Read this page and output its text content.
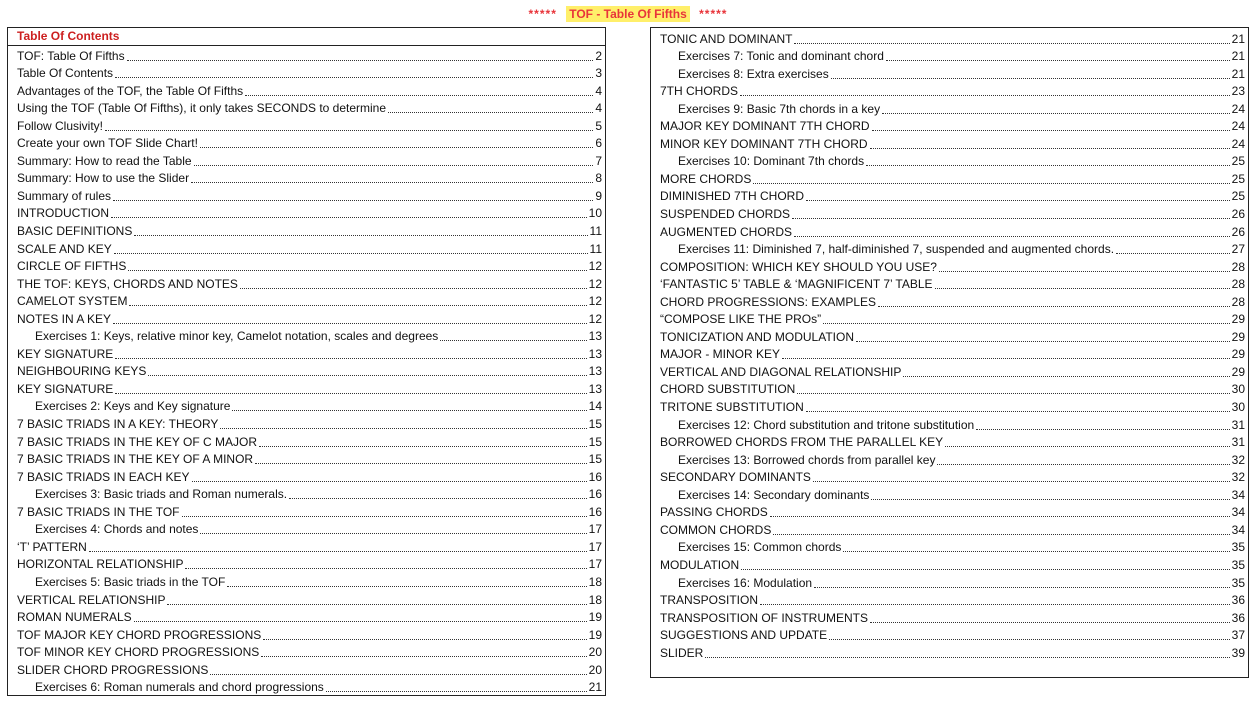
***** TOF - Table Of Fifths *****
Table Of Contents
TOF: Table Of Fifths	2
Table Of Contents	3
Advantages of the TOF, the Table Of Fifths	4
Using the TOF (Table Of Fifths), it only takes SECONDS to determine	4
Follow Clusivity!	5
Create your own TOF Slide Chart!	6
Summary: How to read the Table	7
Summary: How to use the Slider	8
Summary of rules	9
INTRODUCTION	10
BASIC DEFINITIONS	11
SCALE AND KEY	11
CIRCLE OF FIFTHS	12
THE TOF: KEYS, CHORDS AND NOTES	12
CAMELOT SYSTEM	12
NOTES IN A KEY	12
Exercises 1: Keys, relative minor key, Camelot notation, scales and degrees	13
KEY SIGNATURE	13
NEIGHBOURING KEYS	13
KEY SIGNATURE	13
Exercises 2: Keys and Key signature	14
7 BASIC TRIADS IN A KEY: THEORY	15
7 BASIC TRIADS IN THE KEY OF C MAJOR	15
7 BASIC TRIADS IN THE KEY OF A MINOR	15
7 BASIC TRIADS IN EACH KEY	16
Exercises 3: Basic triads and Roman numerals.	16
7 BASIC TRIADS IN THE TOF	16
Exercises 4: Chords and notes	17
‘T’ PATTERN	17
HORIZONTAL RELATIONSHIP	17
Exercises 5: Basic triads in the TOF	18
VERTICAL RELATIONSHIP	18
ROMAN NUMERALS	19
TOF MAJOR KEY CHORD PROGRESSIONS	19
TOF MINOR KEY CHORD PROGRESSIONS	20
SLIDER CHORD PROGRESSIONS	20
Exercises 6: Roman numerals and chord progressions	21
TONIC AND DOMINANT	21
Exercises 7: Tonic and dominant chord	21
Exercises 8: Extra exercises	21
7TH CHORDS	23
Exercises 9: Basic 7th chords in a key	24
MAJOR KEY DOMINANT 7TH CHORD	24
MINOR KEY DOMINANT 7TH CHORD	24
Exercises 10: Dominant 7th chords	25
MORE CHORDS	25
DIMINISHED 7TH CHORD	25
SUSPENDED CHORDS	26
AUGMENTED CHORDS	26
Exercises 11: Diminished 7, half-diminished 7, suspended and augmented chords.	27
COMPOSITION: WHICH KEY SHOULD YOU USE?	28
‘FANTASTIC 5’ TABLE & ‘MAGNIFICENT 7’ TABLE	28
CHORD PROGRESSIONS: EXAMPLES	28
“COMPOSE LIKE THE PROs”	29
TONICIZATION AND MODULATION	29
MAJOR - MINOR KEY	29
VERTICAL AND DIAGONAL RELATIONSHIP	29
CHORD SUBSTITUTION	30
TRITONE SUBSTITUTION	30
Exercises 12: Chord substitution and tritone substitution	31
BORROWED CHORDS FROM THE PARALLEL KEY	31
Exercises 13: Borrowed chords from parallel key	32
SECONDARY DOMINANTS	32
Exercises 14: Secondary dominants	34
PASSING CHORDS	34
COMMON CHORDS	34
Exercises 15: Common chords	35
MODULATION	35
Exercises 16: Modulation	35
TRANSPOSITION	36
TRANSPOSITION OF INSTRUMENTS	36
SUGGESTIONS AND UPDATE	37
SLIDER	39
